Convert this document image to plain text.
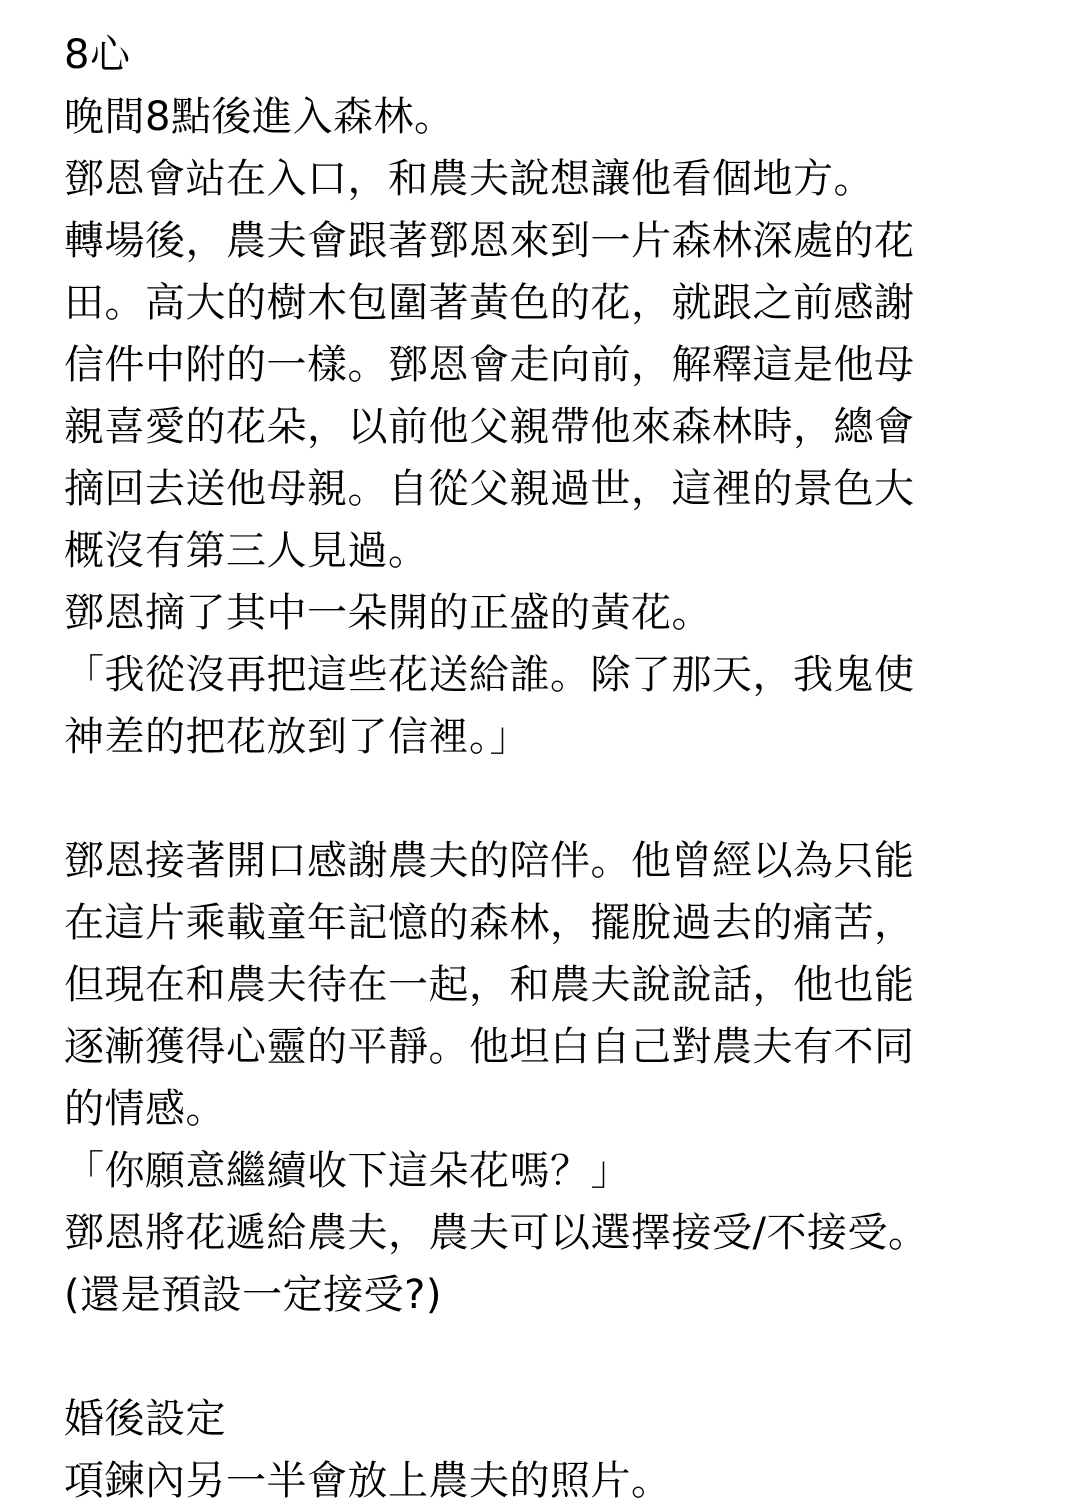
8心
晚間8點後進入森林。
鄧恩會站在入口，和農夫說想讓他看個地方。
轉場後，農夫會跟著鄧恩來到一片森林深處的花
田。高大的樹木包圍著黃色的花，就跟之前感謝
信件中附的一樣。鄧恩會走向前，解釋這是他母
親喜愛的花朵，以前他父親帶他來森林時，總會
摘回去送他母親。自從父親過世，這裡的景色大
概沒有第三人見過。
鄧恩摘了其中一朵開的正盛的黃花。
「我從沒再把這些花送給誰。除了那天，我鬼使
神差的把花放到了信裡。」
鄧恩接著開口感謝農夫的陪伴。他曾經以為只能
在這片乘載童年記憶的森林，擺脫過去的痛苦，
但現在和農夫待在一起，和農夫說說話，他也能
逐漸獲得心靈的平靜。他坦白自己對農夫有不同
的情感。
「你願意繼續收下這朵花嗎？」
鄧恩將花遞給農夫，農夫可以選擇接受/不接受。
(還是預設一定接受?)
婚後設定
項鍊內另一半會放上農夫的照片。
